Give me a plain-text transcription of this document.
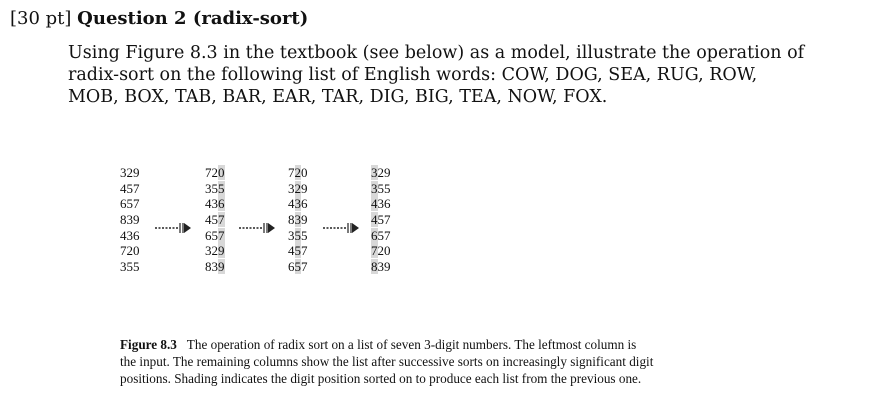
[30 pt] Question 2 (radix-sort)
Using Figure 8.3 in the textbook (see below) as a model, illustrate the operation of
radix-sort on the following list of English words: COW, DOG, SEA, RUG, ROW,
MOB, BOX, TAB, BAR, EAR, TAR, DIG, BIG, TEA, NOW, FOX.
329
457
657
839
436
720
355
720
355
436
457
657
329
839
720
329
436
839
355
457
657
329
355
436
457
657
720
839
Figure 8.3 The operation of radix sort on a list of seven 3-digit numbers. The leftmost column is
the input. The remaining columns show the list after successive sorts on increasingly significant digit
positions. Shading indicates the digit position sorted on to produce each list from the previous one.
